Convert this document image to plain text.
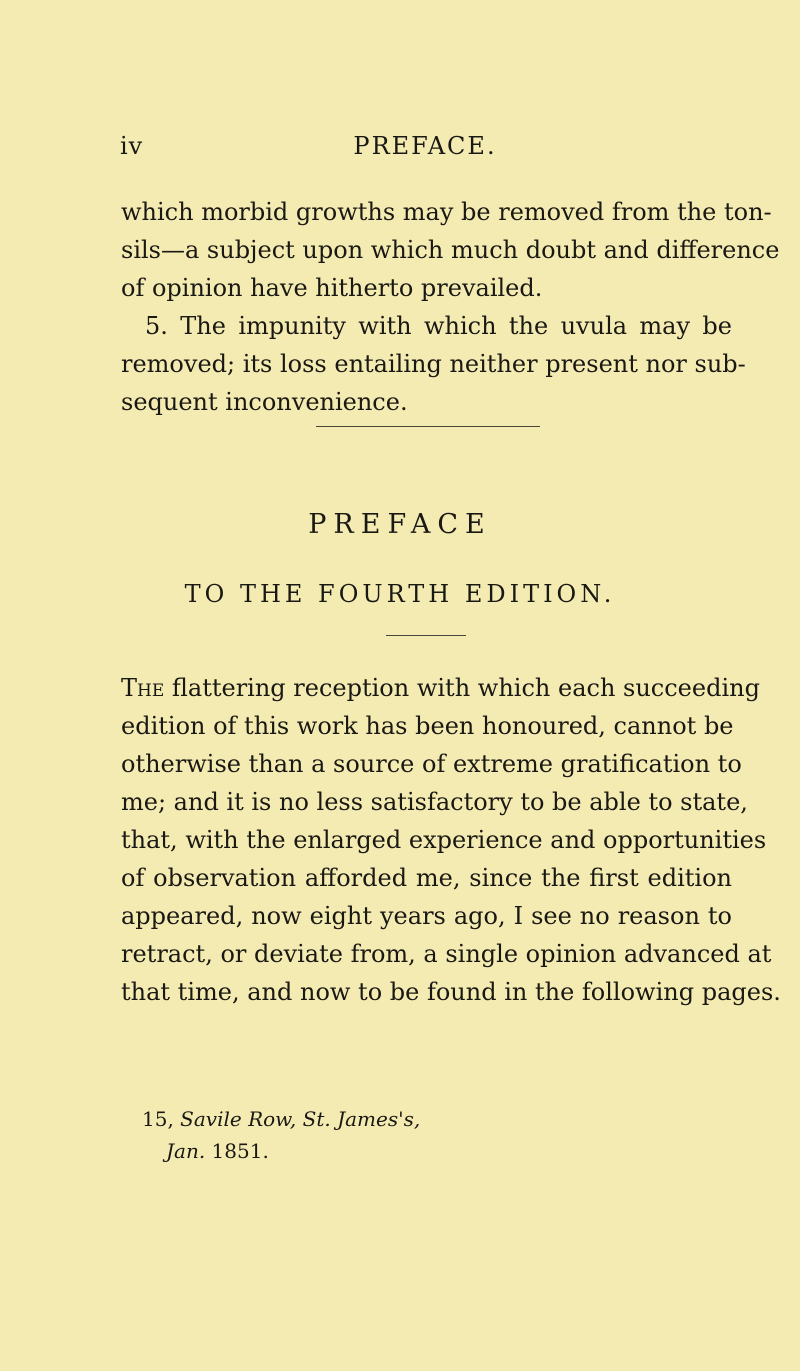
iv	PREFACE.
which morbid growths may be removed from the ton-
sils—a subject upon which much doubt and difference
of opinion have hitherto prevailed.
5. The impunity with which the uvula may be
removed; its loss entailing neither present nor sub-
sequent inconvenience.
PREFACE
TO THE FOURTH EDITION.
The flattering reception with which each succeeding
edition of this work has been honoured, cannot be
otherwise than a source of extreme gratification to
me; and it is no less satisfactory to be able to state,
that, with the enlarged experience and opportunities
of observation afforded me, since the first edition
appeared, now eight years ago, I see no reason to
retract, or deviate from, a single opinion advanced at
that time, and now to be found in the following pages.
15, Savile Row, St. James's,
Jan. 1851.
